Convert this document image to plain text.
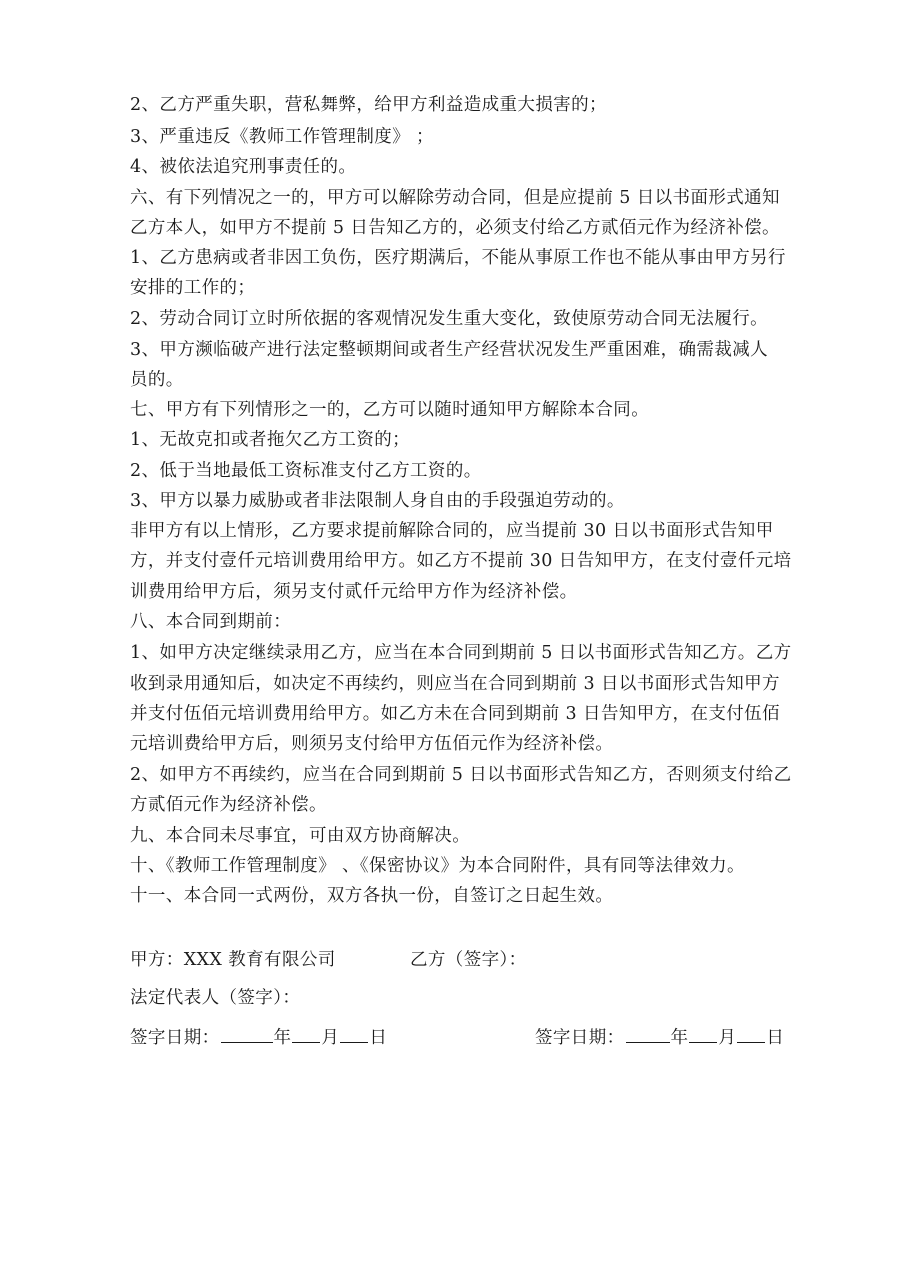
2、乙方严重失职，营私舞弊，给甲方利益造成重大损害的；
3、严重违反《教师工作管理制度》 ；
4、被依法追究刑事责任的。
六、有下列情况之一的，甲方可以解除劳动合同，但是应提前 5 日以书面形式通知
乙方本人，如甲方不提前 5 日告知乙方的，必须支付给乙方贰佰元作为经济补偿。
1、乙方患病或者非因工负伤，医疗期满后，不能从事原工作也不能从事由甲方另行
安排的工作的；
2、劳动合同订立时所依据的客观情况发生重大变化，致使原劳动合同无法履行。
3、甲方濒临破产进行法定整顿期间或者生产经营状况发生严重困难，确需裁减人
员的。
七、甲方有下列情形之一的，乙方可以随时通知甲方解除本合同。
1、无故克扣或者拖欠乙方工资的；
2、低于当地最低工资标准支付乙方工资的。
3、甲方以暴力威胁或者非法限制人身自由的手段强迫劳动的。
非甲方有以上情形，乙方要求提前解除合同的，应当提前 30 日以书面形式告知甲
方，并支付壹仟元培训费用给甲方。如乙方不提前 30 日告知甲方，在支付壹仟元培
训费用给甲方后，须另支付贰仟元给甲方作为经济补偿。
八、本合同到期前：
1、如甲方决定继续录用乙方，应当在本合同到期前 5 日以书面形式告知乙方。乙方
收到录用通知后，如决定不再续约，则应当在合同到期前 3 日以书面形式告知甲方
并支付伍佰元培训费用给甲方。如乙方未在合同到期前 3 日告知甲方，在支付伍佰
元培训费给甲方后，则须另支付给甲方伍佰元作为经济补偿。
2、如甲方不再续约，应当在合同到期前 5 日以书面形式告知乙方，否则须支付给乙
方贰佰元作为经济补偿。
九、本合同未尽事宜，可由双方协商解决。
十、《教师工作管理制度》 、《保密协议》为本合同附件，具有同等法律效力。
十一、本合同一式两份，双方各执一份，自签订之日起生效。
甲方：XXX 教育有限公司	乙方（签字）：
法定代表人（签字）：
签字日期：	年 月 日	签字日期：	年 月 日
